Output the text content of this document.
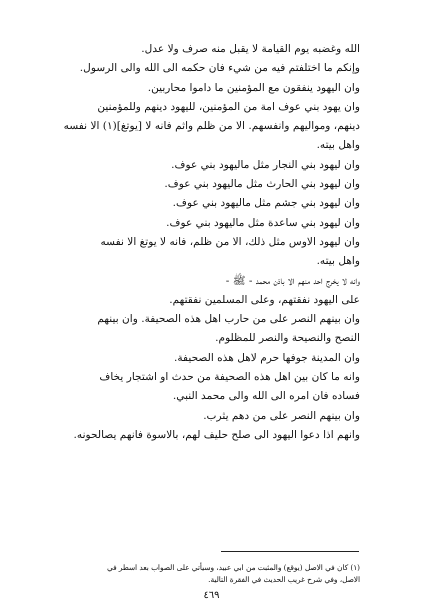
الله وغضبه يوم القيامة لا يقبل منه صرف ولا عدل.
وإنكم ما اختلفتم فيه من شيء فان حكمه الى الله والى الرسول.
وان اليهود ينفقون مع المؤمنين ما داموا محاربين.
وان يهود بني عوف امة من المؤمنين، لليهود دينهم وللمؤمنين
دينهم، ومواليهم وانفسهم. الا من ظلم واثم فانه لا [يوتغ](١) الا نفسه
واهل بيته.
وان ليهود بني النجار مثل ماليهود بني عوف.
وان ليهود بني الحارث مثل ماليهود بني عوف.
وان ليهود بني جشم مثل ماليهود بني عوف.
وان ليهود بني ساعدة مثل ماليهود بني عوف.
وان ليهود الاوس مثل ذلك، الا من ظلم، فانه لا يوتغ الا نفسه
واهل بيته.
وانه لا يخرج احد منهم الا باذن محمد - ﷺ -
على اليهود نفقتهم، وعلى المسلمين نفقتهم.
وان بينهم النصر على من حارب اهل هذه الصحيفة. وان بينهم
النصح والنصيحة والنصر للمظلوم.
وان المدينة جوفها حرم لاهل هذه الصحيفة.
وانه ما كان بين اهل هذه الصحيفة من حدث او اشتجار يخاف
فساده فان امره الى الله والى محمد النبي.
وان بينهم النصر على من دهم يثرب.
وانهم اذا دعوا اليهود الى صلح حليف لهم، بالاسوة فانهم يصالحونه.
(١) كان في الاصل (يوقع) والمثبت من ابي عبيد، وسيأتي على الصواب بعد اسطر في
الاصل، وفي شرح غريب الحديث في الفقرة التالية.
٤٦٩
